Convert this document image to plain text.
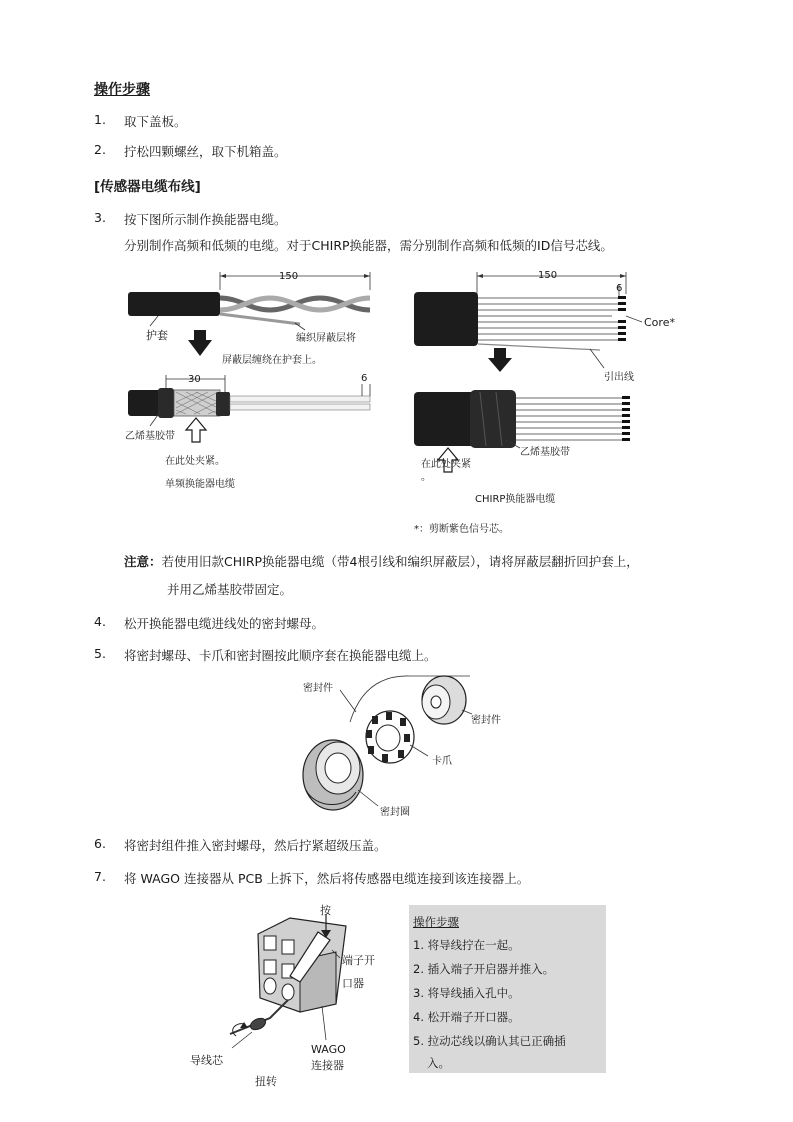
操作步骤
1. 取下盖板。
2. 拧松四颗螺丝，取下机箱盖。
[传感器电缆布线]
3. 按下图所示制作换能器电缆。
分别制作高频和低频的电缆。对于CHIRP换能器，需分别制作高频和低频的ID信号芯线。
150
护套	编织屏蔽层将
屏蔽层缠绕在护套上。
30	6
乙烯基胶带
在此处夹紧。
单频换能器电缆
150
6
Core*
引出线
乙烯基胶带
在此处夹紧
。
CHIRP换能器电缆
*：剪断紫色信号芯。
注意：若使用旧款CHIRP换能器电缆（带4根引线和编织屏蔽层），请将屏蔽层翻折回护套上，
并用乙烯基胶带固定。
4. 松开换能器电缆进线处的密封螺母。
5. 将密封螺母、卡爪和密封圈按此顺序套在换能器电缆上。
密封件
密封件
卡爪
密封圈
6. 将密封组件推入密封螺母，然后拧紧超级压盖。
7. 将 WAGO 连接器从 PCB 上拆下，然后将传感器电缆连接到该连接器上。
按
端子开
口器
导线芯
WAGO
连接器
扭转
操作步骤
1. 将导线拧在一起。
2. 插入端子开启器并推入。
3. 将导线插入孔中。
4. 松开端子开口器。
5. 拉动芯线以确认其已正确插
入。
